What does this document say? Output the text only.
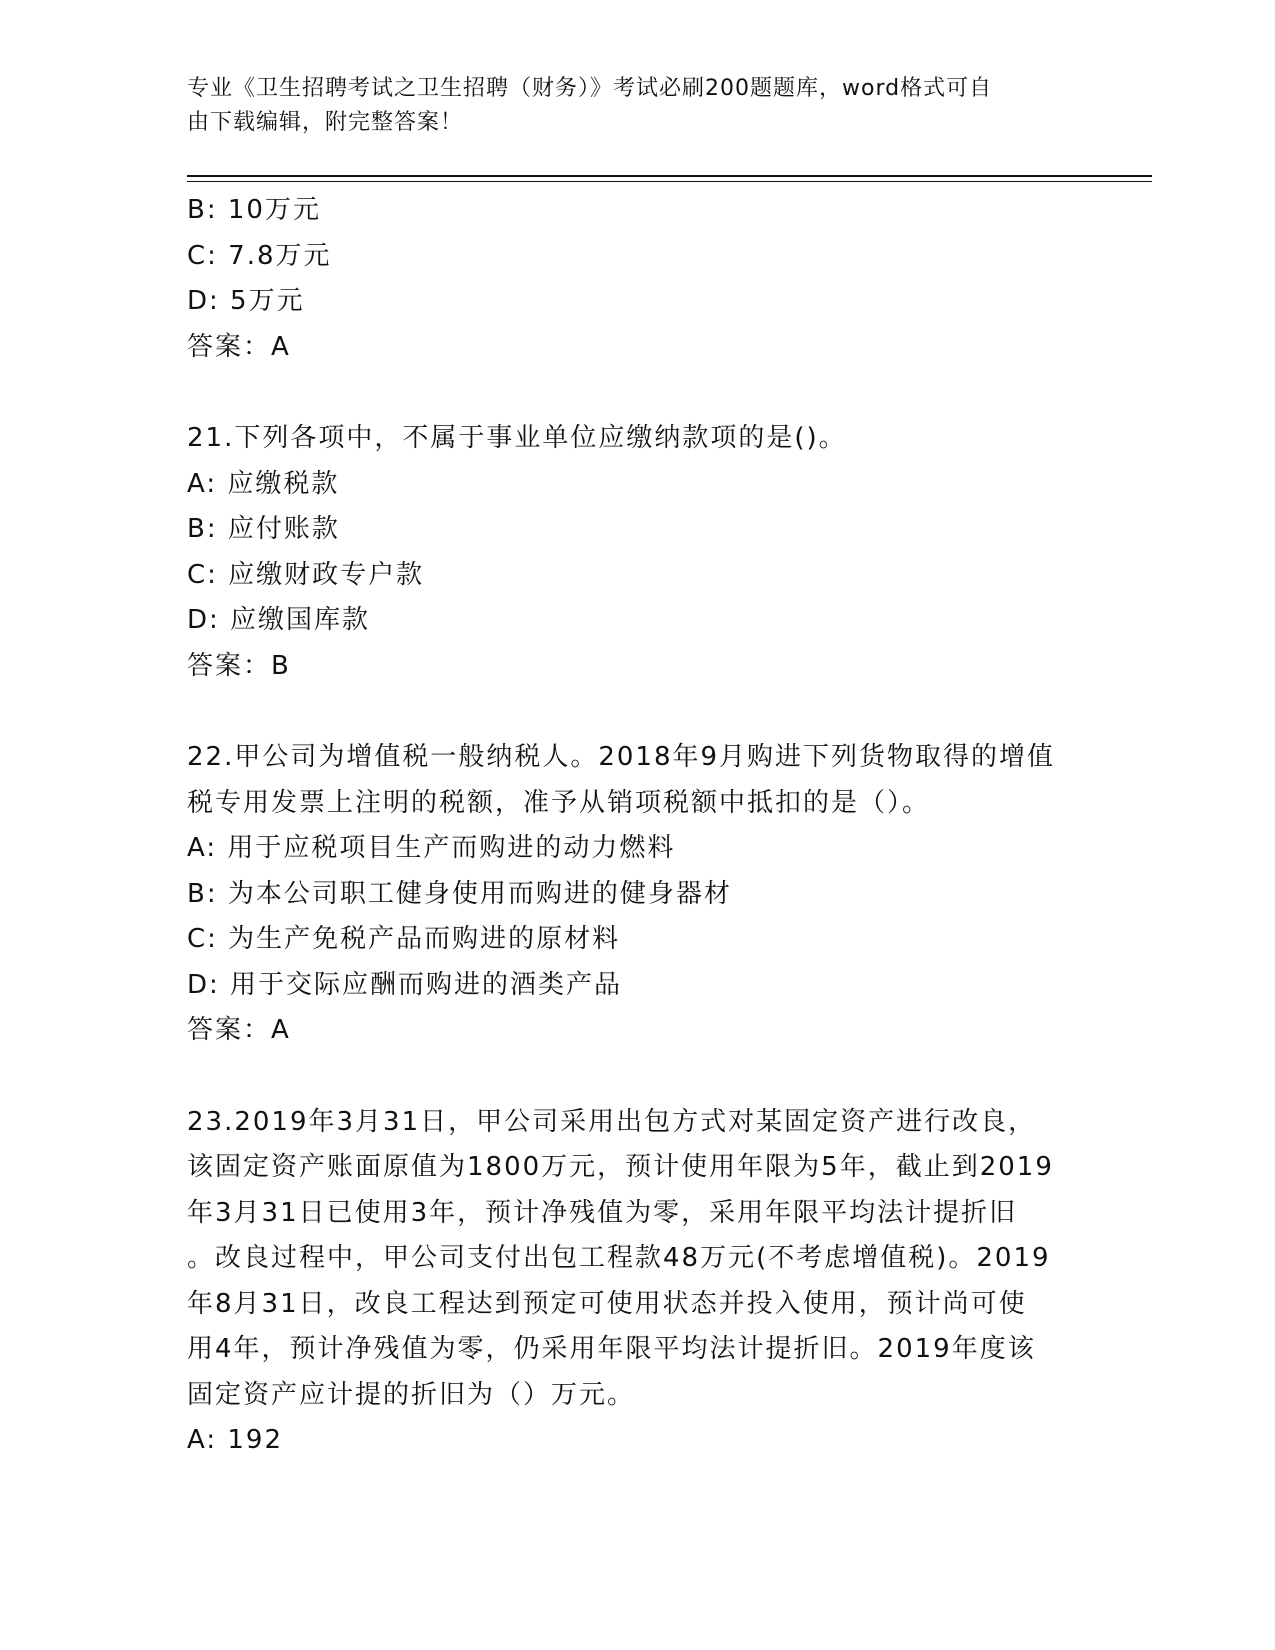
专业《卫生招聘考试之卫生招聘（财务）》考试必刷200题题库，word格式可自
由下载编辑，附完整答案！
B: 10万元
C: 7.8万元
D: 5万元
答案：A
21.下列各项中，不属于事业单位应缴纳款项的是()。
A: 应缴税款
B: 应付账款
C: 应缴财政专户款
D: 应缴国库款
答案：B
22.甲公司为增值税一般纳税人。2018年9月购进下列货物取得的增值
税专用发票上注明的税额，准予从销项税额中抵扣的是（）。
A: 用于应税项目生产而购进的动力燃料
B: 为本公司职工健身使用而购进的健身器材
C: 为生产免税产品而购进的原材料
D: 用于交际应酬而购进的酒类产品
答案：A
23.2019年3月31日，甲公司采用出包方式对某固定资产进行改良，
该固定资产账面原值为1800万元，预计使用年限为5年，截止到2019
年3月31日已使用3年，预计净残值为零，采用年限平均法计提折旧
。改良过程中，甲公司支付出包工程款48万元(不考虑增值税)。2019
年8月31日，改良工程达到预定可使用状态并投入使用，预计尚可使
用4年，预计净残值为零，仍采用年限平均法计提折旧。2019年度该
固定资产应计提的折旧为（）万元。
A: 192
